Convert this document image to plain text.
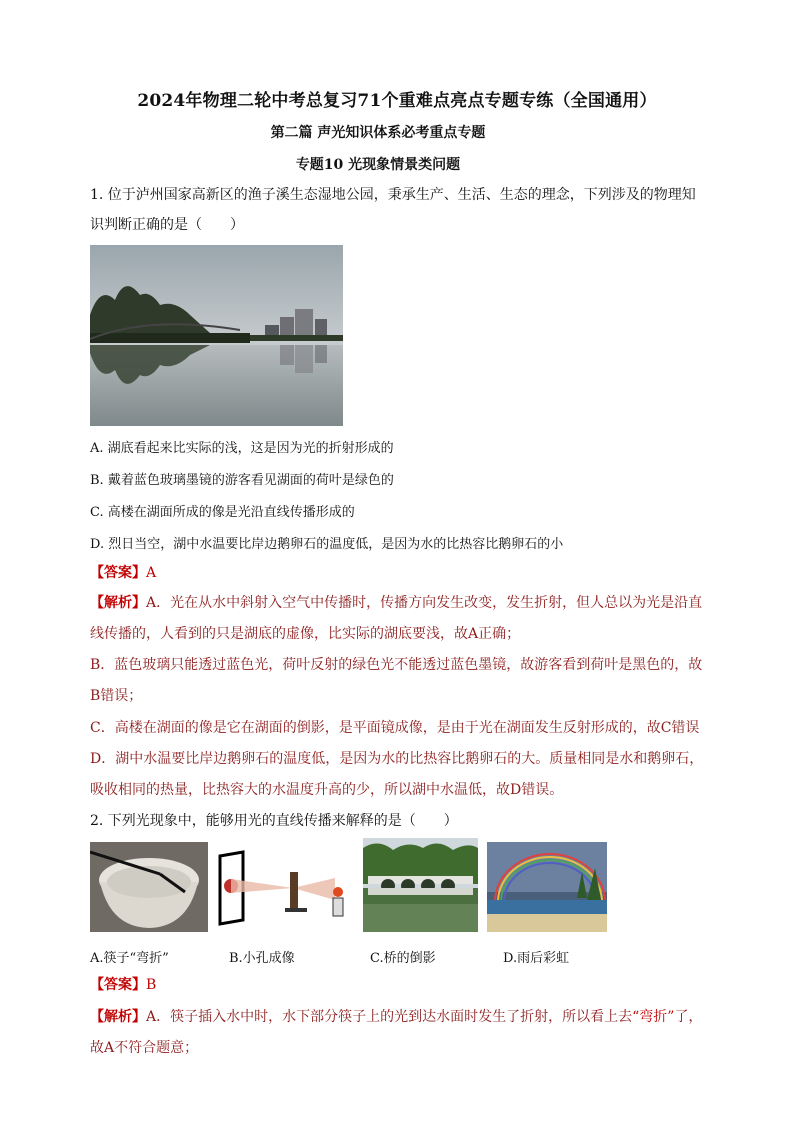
2024年物理二轮中考总复习71个重难点亮点专题专练（全国通用）
第二篇 声光知识体系必考重点专题
专题10 光现象情景类问题
1. 位于泸州国家高新区的渔子溪生态湿地公园，秉承生产、生活、生态的理念，下列涉及的物理知
识判断正确的是（　　）
A. 湖底看起来比实际的浅，这是因为光的折射形成的
B. 戴着蓝色玻璃墨镜的游客看见湖面的荷叶是绿色的
C. 高楼在湖面所成的像是光沿直线传播形成的
D. 烈日当空，湖中水温要比岸边鹅卵石的温度低，是因为水的比热容比鹅卵石的小
【答案】A
【解析】A．光在从水中斜射入空气中传播时，传播方向发生改变，发生折射，但人总以为光是沿直
线传播的，人看到的只是湖底的虚像，比实际的湖底要浅，故A正确；
B．蓝色玻璃只能透过蓝色光，荷叶反射的绿色光不能透过蓝色墨镜，故游客看到荷叶是黑色的，故
B错误；
C．高楼在湖面的像是它在湖面的倒影，是平面镜成像，是由于光在湖面发生反射形成的，故C错误
D．湖中水温要比岸边鹅卵石的温度低，是因为水的比热容比鹅卵石的大。质量相同是水和鹅卵石，
吸收相同的热量，比热容大的水温度升高的少，所以湖中水温低，故D错误。
2. 下列光现象中，能够用光的直线传播来解释的是（　　）
A.筷子“弯折”	B.小孔成像	C.桥的倒影	D.雨后彩虹
【答案】B
【解析】A．筷子插入水中时，水下部分筷子上的光到达水面时发生了折射，所以看上去“弯折”了，
故A不符合题意；
